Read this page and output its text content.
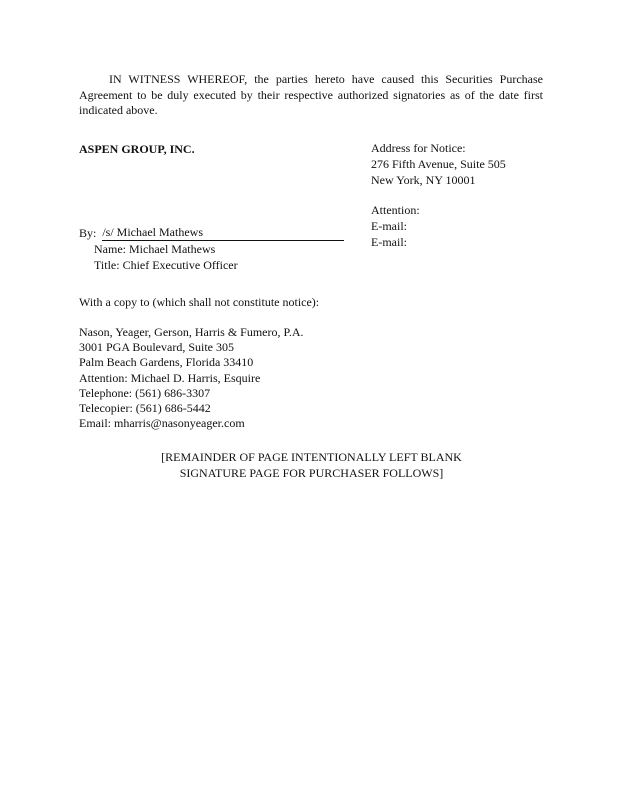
IN WITNESS WHEREOF, the parties hereto have caused this Securities Purchase Agreement to be duly executed by their respective authorized signatories as of the date first indicated above.
ASPEN GROUP, INC.	Address for Notice:
276 Fifth Avenue, Suite 505
New York, NY 10001
Attention:
E-mail:
E-mail:
By: /s/ Michael Mathews
Name: Michael Mathews
Title: Chief Executive Officer
With a copy to (which shall not constitute notice):
Nason, Yeager, Gerson, Harris & Fumero, P.A.
3001 PGA Boulevard, Suite 305
Palm Beach Gardens, Florida 33410
Attention: Michael D. Harris, Esquire
Telephone: (561) 686-3307
Telecopier: (561) 686-5442
Email: mharris@nasonyeager.com
[REMAINDER OF PAGE INTENTIONALLY LEFT BLANK
SIGNATURE PAGE FOR PURCHASER FOLLOWS]
